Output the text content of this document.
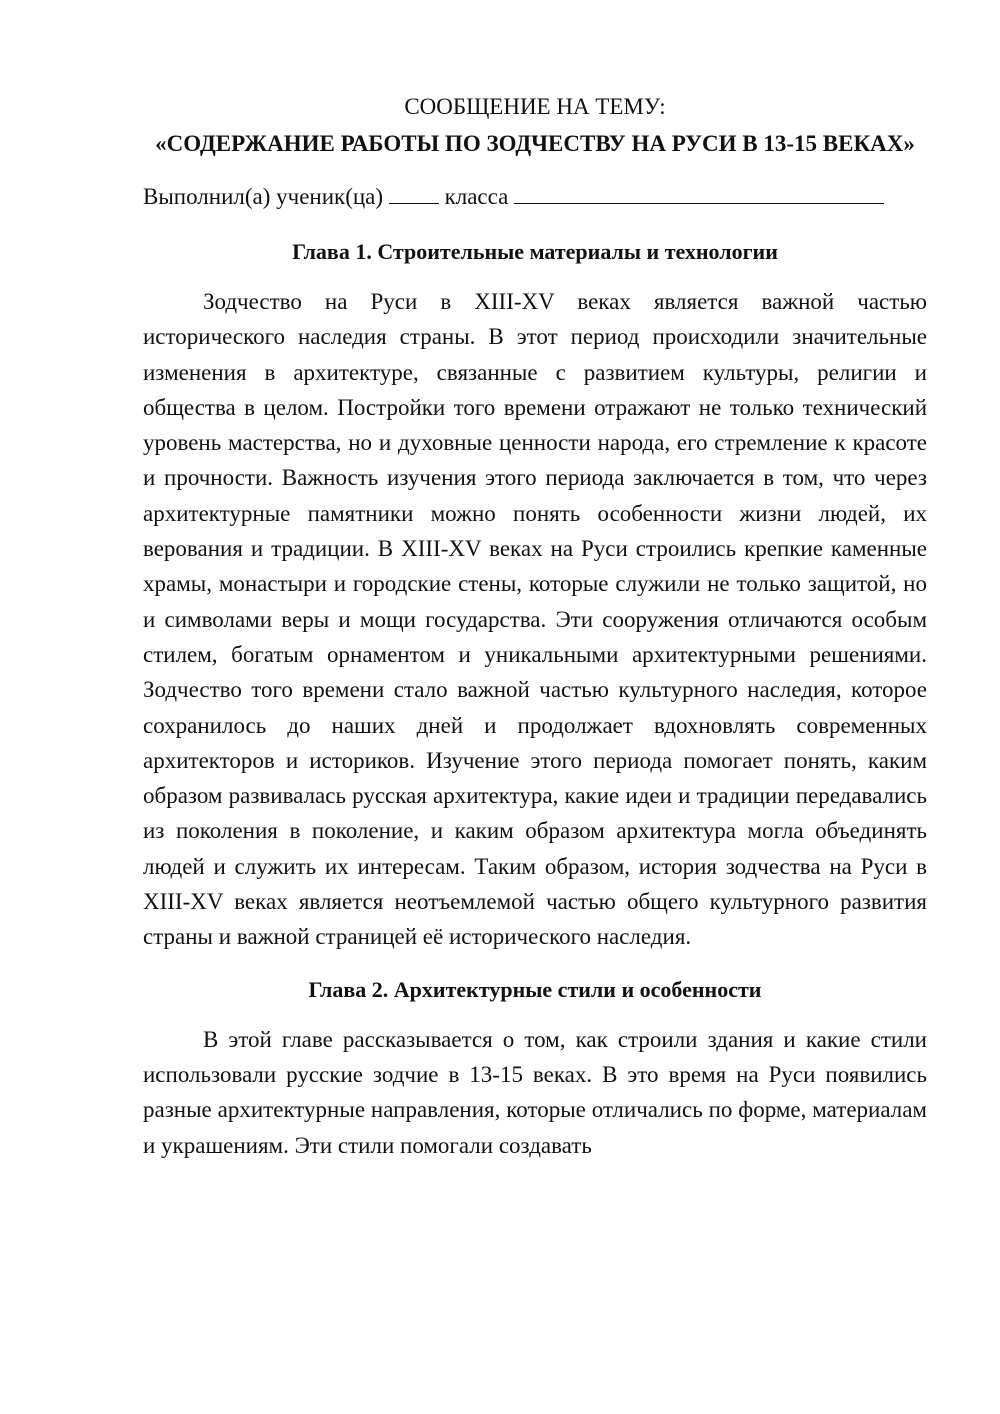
СООБЩЕНИЕ НА ТЕМУ:

«СОДЕРЖАНИЕ РАБОТЫ ПО ЗОДЧЕСТВУ НА РУСИ В 13-15 ВЕКАХ»

Выполнил(а) ученик(ца)	класса

Глава 1. Строительные материалы и технологии

Зодчество на Руси в XIII-XV веках является важной частью исторического наследия страны. В этот период происходили значительные изменения в архитектуре, связанные с развитием культуры, религии и общества в целом. Постройки того времени отражают не только технический уровень мастерства, но и духовные ценности народа, его стремление к красоте и прочности. Важность изучения этого периода заключается в том, что через архитектурные памятники можно понять особенности жизни людей, их верования и традиции. В XIII-XV веках на Руси строились крепкие каменные храмы, монастыри и городские стены, которые служили не только защитой, но и символами веры и мощи государства. Эти сооружения отличаются особым стилем, богатым орнаментом и уникальными архитектурными решениями. Зодчество того времени стало важной частью культурного наследия, которое сохранилось до наших дней и продолжает вдохновлять современных архитекторов и историков. Изучение этого периода помогает понять, каким образом развивалась русская архитектура, какие идеи и традиции передавались из поколения в поколение, и каким образом архитектура могла объединять людей и служить их интересам. Таким образом, история зодчества на Руси в XIII-XV веках является неотъемлемой частью общего культурного развития страны и важной страницей её исторического наследия.

Глава 2. Архитектурные стили и особенности

В этой главе рассказывается о том, как строили здания и какие стили использовали русские зодчие в 13-15 веках. В это время на Руси появились разные архитектурные направления, которые отличались по форме, материалам и украшениям. Эти стили помогали создавать
